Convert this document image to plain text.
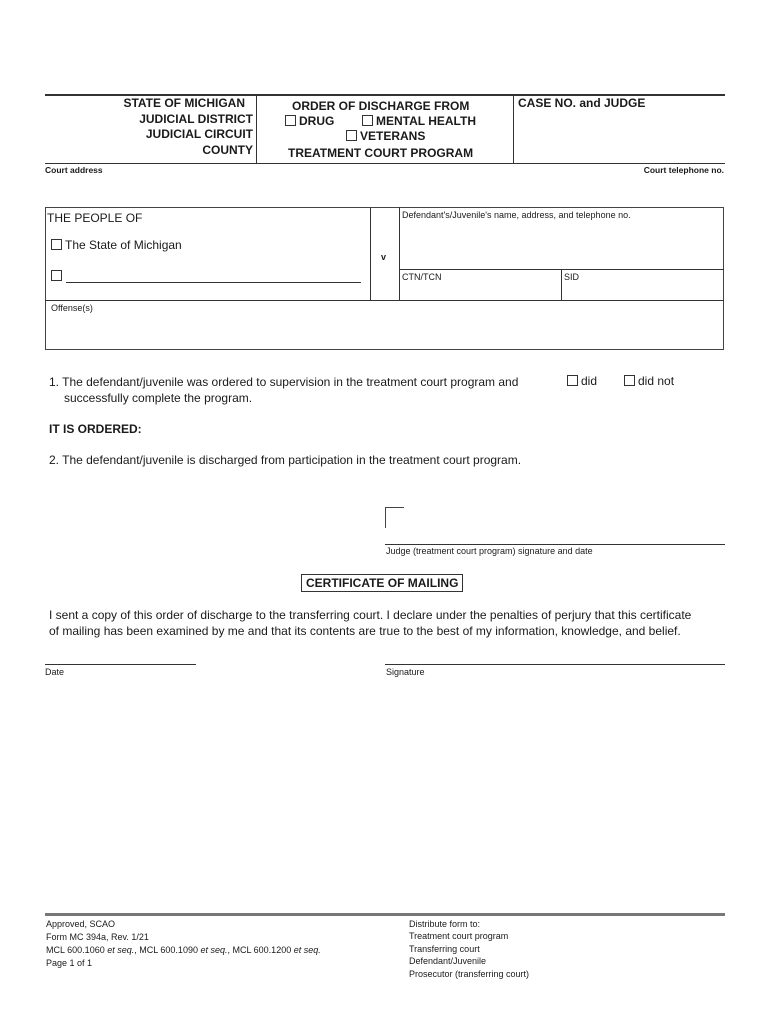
STATE OF MICHIGAN
JUDICIAL DISTRICT
JUDICIAL CIRCUIT
COUNTY
ORDER OF DISCHARGE FROM
DRUG	MENTAL HEALTH
VETERANS
TREATMENT COURT PROGRAM
CASE NO. and JUDGE
Court address	Court telephone no.
THE PEOPLE OF
The State of Michigan
v
Defendant's/Juvenile's name, address, and telephone no.
CTN/TCN	SID
Offense(s)
1. The defendant/juvenile was ordered to supervision in the treatment court program and	did	did not
successfully complete the program.
IT IS ORDERED:
2. The defendant/juvenile is discharged from participation in the treatment court program.
Judge (treatment court program) signature and date
CERTIFICATE OF MAILING
I sent a copy of this order of discharge to the transferring court. I declare under the penalties of perjury that this certificate
of mailing has been examined by me and that its contents are true to the best of my information, knowledge, and belief.
Date	Signature
Approved, SCAO
Form MC 394a, Rev. 1/21
MCL 600.1060 et seq., MCL 600.1090 et seq., MCL 600.1200 et seq.
Page 1 of 1
Distribute form to:
Treatment court program
Transferring court
Defendant/Juvenile
Prosecutor (transferring court)
